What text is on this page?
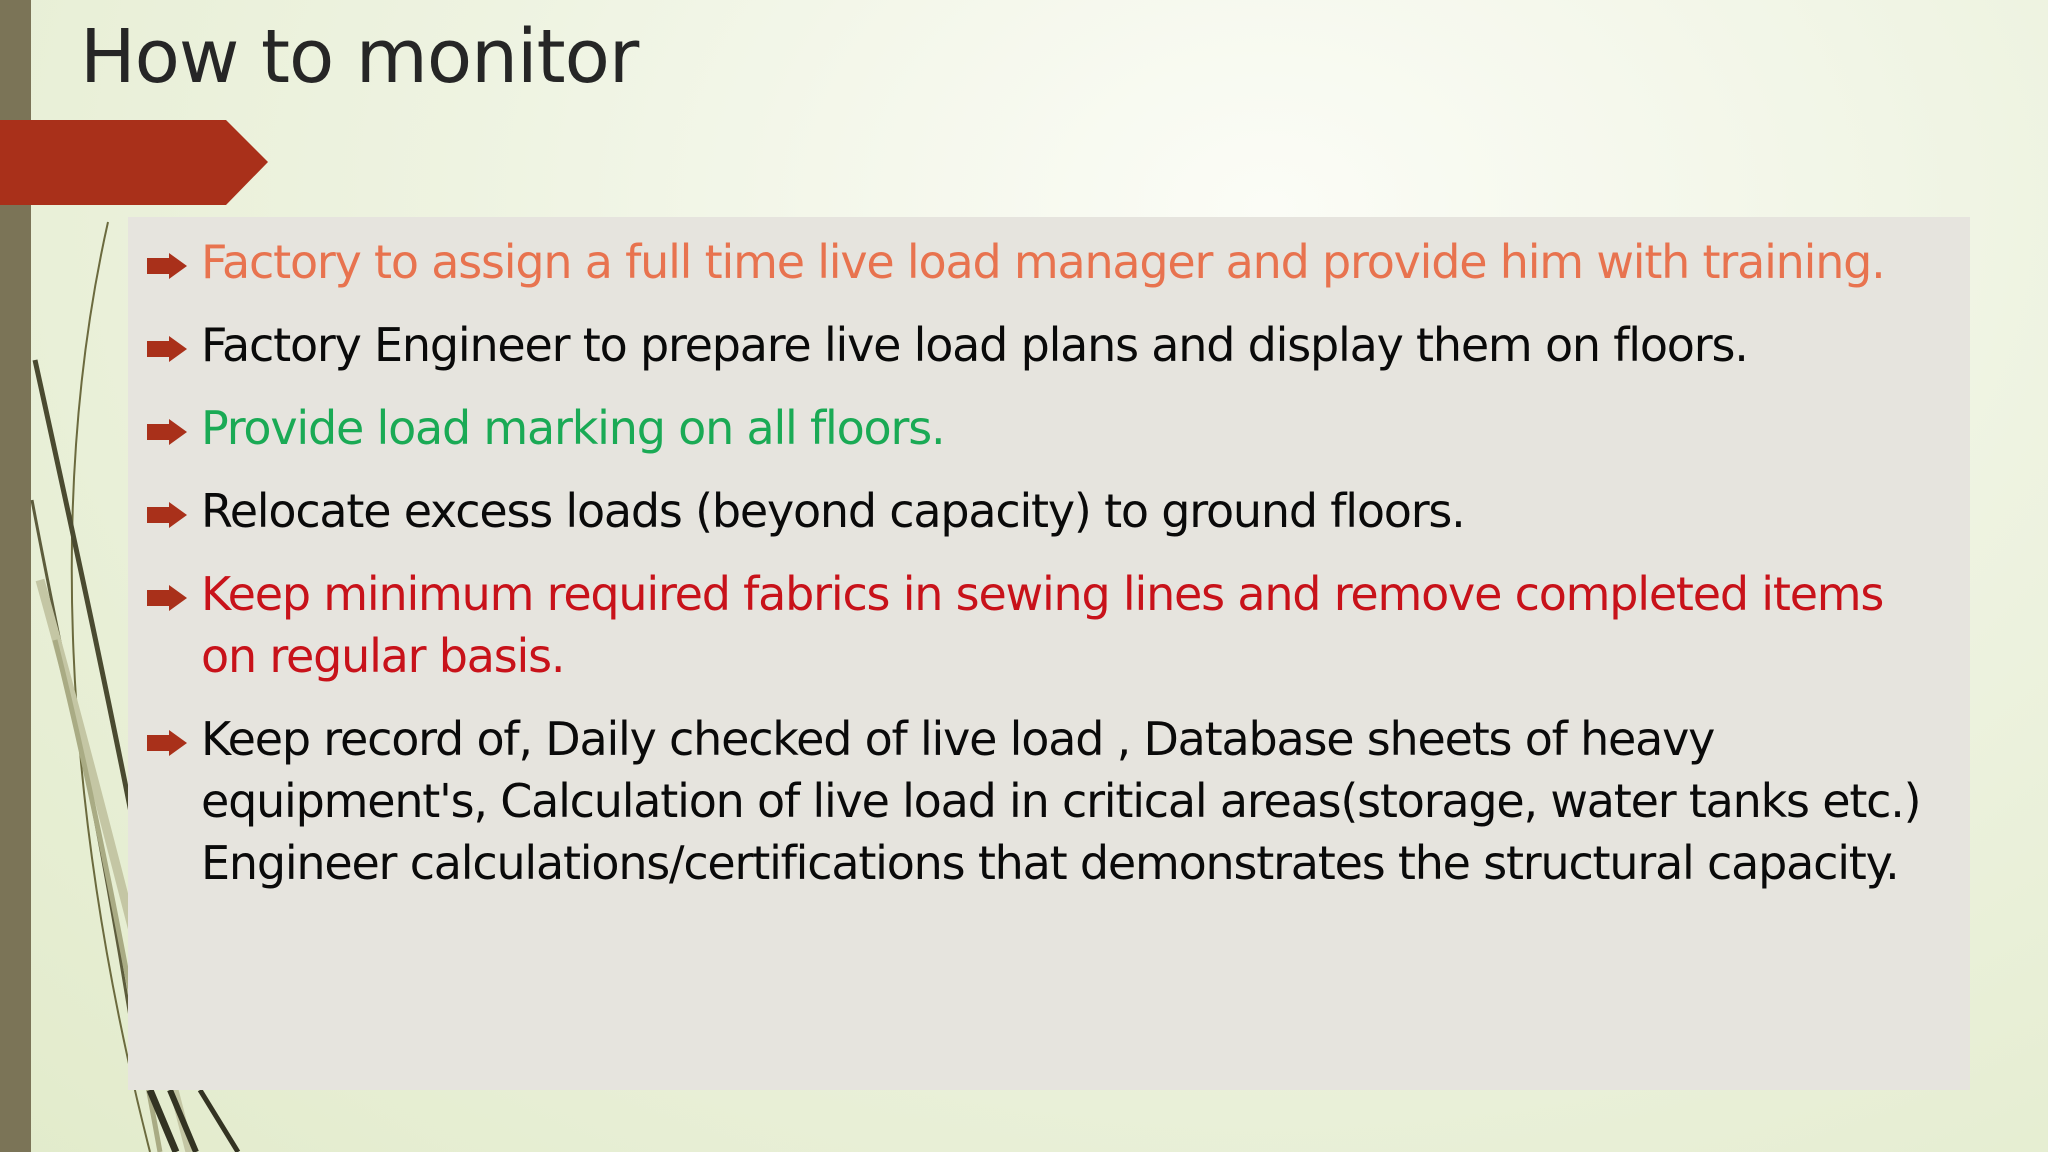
How to monitor
Factory to assign a full time live load manager and provide him with training.
Factory Engineer to prepare live load plans and display them on floors.
Provide load marking on all floors.
Relocate excess loads (beyond capacity) to ground floors.
Keep minimum required fabrics in sewing lines and remove completed items on regular basis.
Keep record of, Daily checked of live load , Database sheets of heavy equipment's, Calculation of live load in critical areas(storage, water tanks etc.) Engineer calculations/certifications that demonstrates the structural capacity.
